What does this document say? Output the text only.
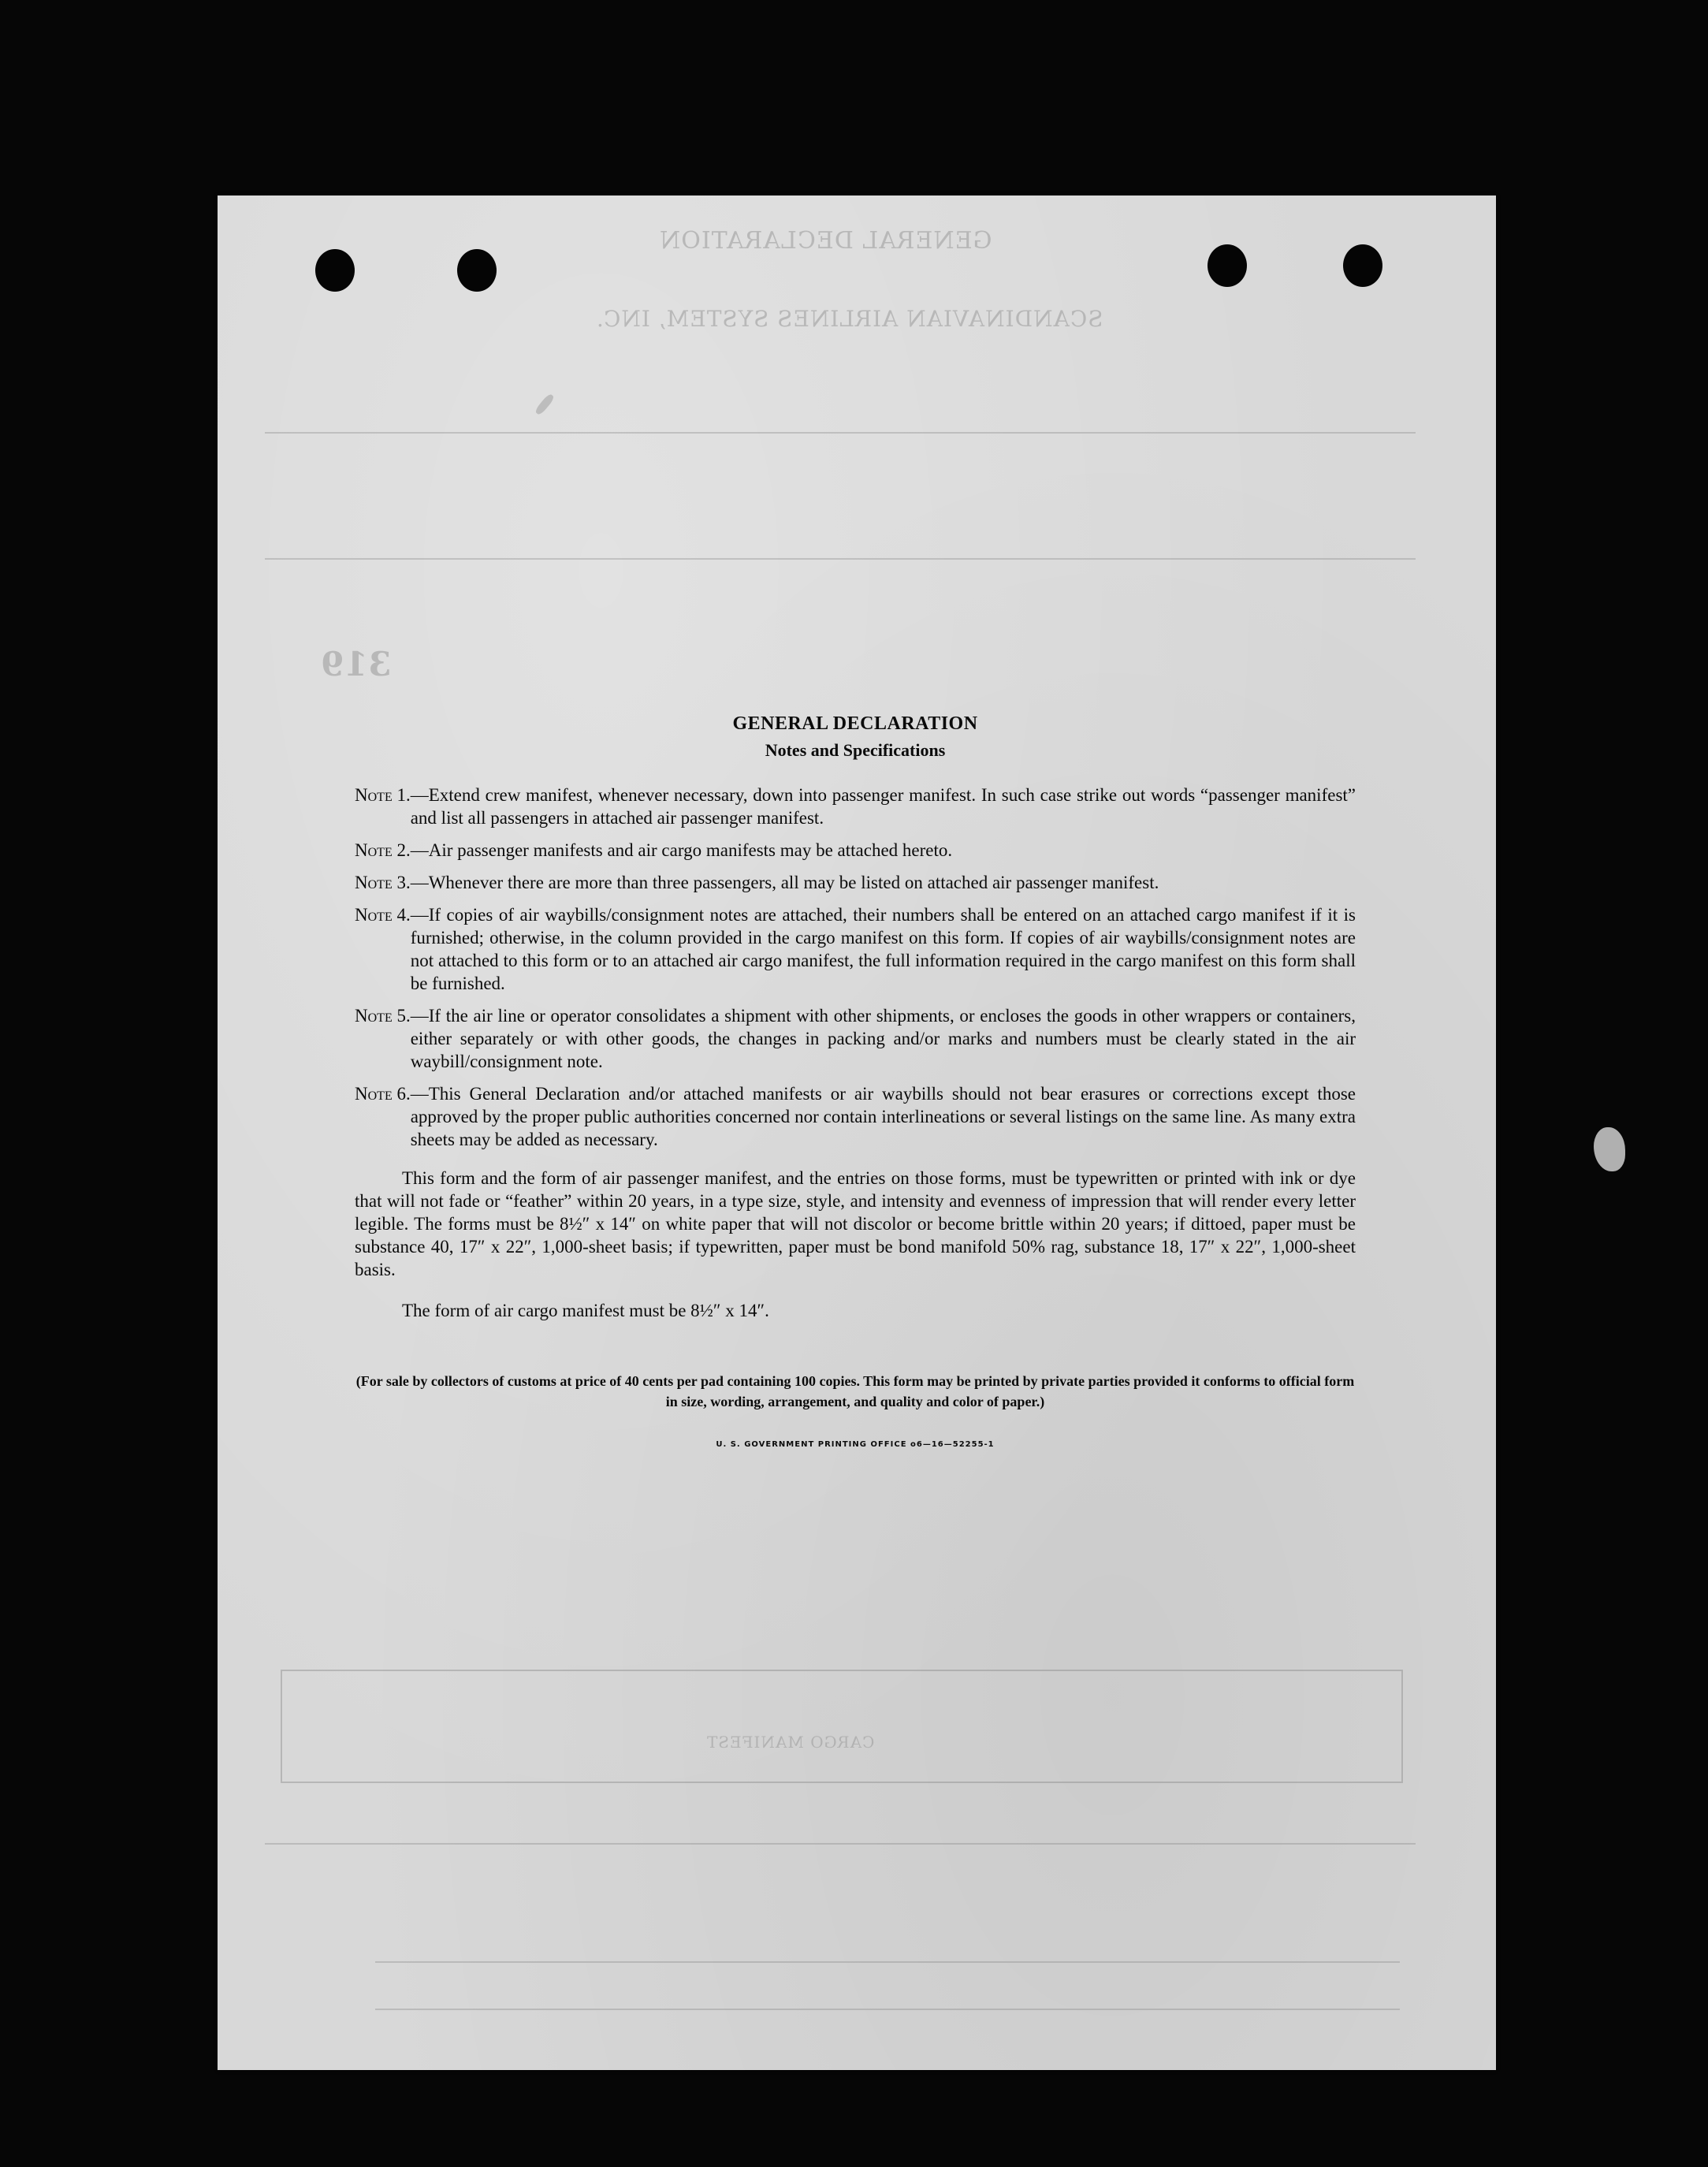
GENERAL DECLARATION
SCANDINAVIAN AIRLINES SYSTEM, INC.
319
CARGO MANIFEST

GENERAL DECLARATION

Notes and Specifications

Note 1. —Extend crew manifest, whenever necessary, down into passenger manifest. In such case strike out words “passenger manifest” and list all passengers in attached air passenger manifest.
Note 2. —Air passenger manifests and air cargo manifests may be attached hereto.
Note 3. —Whenever there are more than three passengers, all may be listed on attached air passenger manifest.
Note 4. —If copies of air waybills/consignment notes are attached, their numbers shall be entered on an attached cargo manifest if it is furnished; otherwise, in the column provided in the cargo manifest on this form. If copies of air waybills/consignment notes are not attached to this form or to an attached air cargo manifest, the full information required in the cargo manifest on this form shall be furnished.
Note 5. —If the air line or operator consolidates a shipment with other shipments, or encloses the goods in other wrappers or containers, either separately or with other goods, the changes in packing and/or marks and numbers must be clearly stated in the air waybill/consignment note.
Note 6. —This General Declaration and/or attached manifests or air waybills should not bear erasures or corrections except those approved by the proper public authorities concerned nor contain interlineations or several listings on the same line. As many extra sheets may be added as necessary.

This form and the form of air passenger manifest, and the entries on those forms, must be typewritten or printed with ink or dye that will not fade or “feather” within 20 years, in a type size, style, and intensity and evenness of impression that will render every letter legible. The forms must be 8½″ x 14″ on white paper that will not discolor or become brittle within 20 years; if dittoed, paper must be substance 40, 17″ x 22″, 1,000-sheet basis; if typewritten, paper must be bond manifold 50% rag, substance 18, 17″ x 22″, 1,000-sheet basis.

The form of air cargo manifest must be 8½″ x 14″.

(For sale by collectors of customs at price of 40 cents per pad containing 100 copies. This form may be printed by private parties provided it conforms to official form in size, wording, arrangement, and quality and color of paper.)

U. S. GOVERNMENT PRINTING OFFICE o6—16—52255-1
